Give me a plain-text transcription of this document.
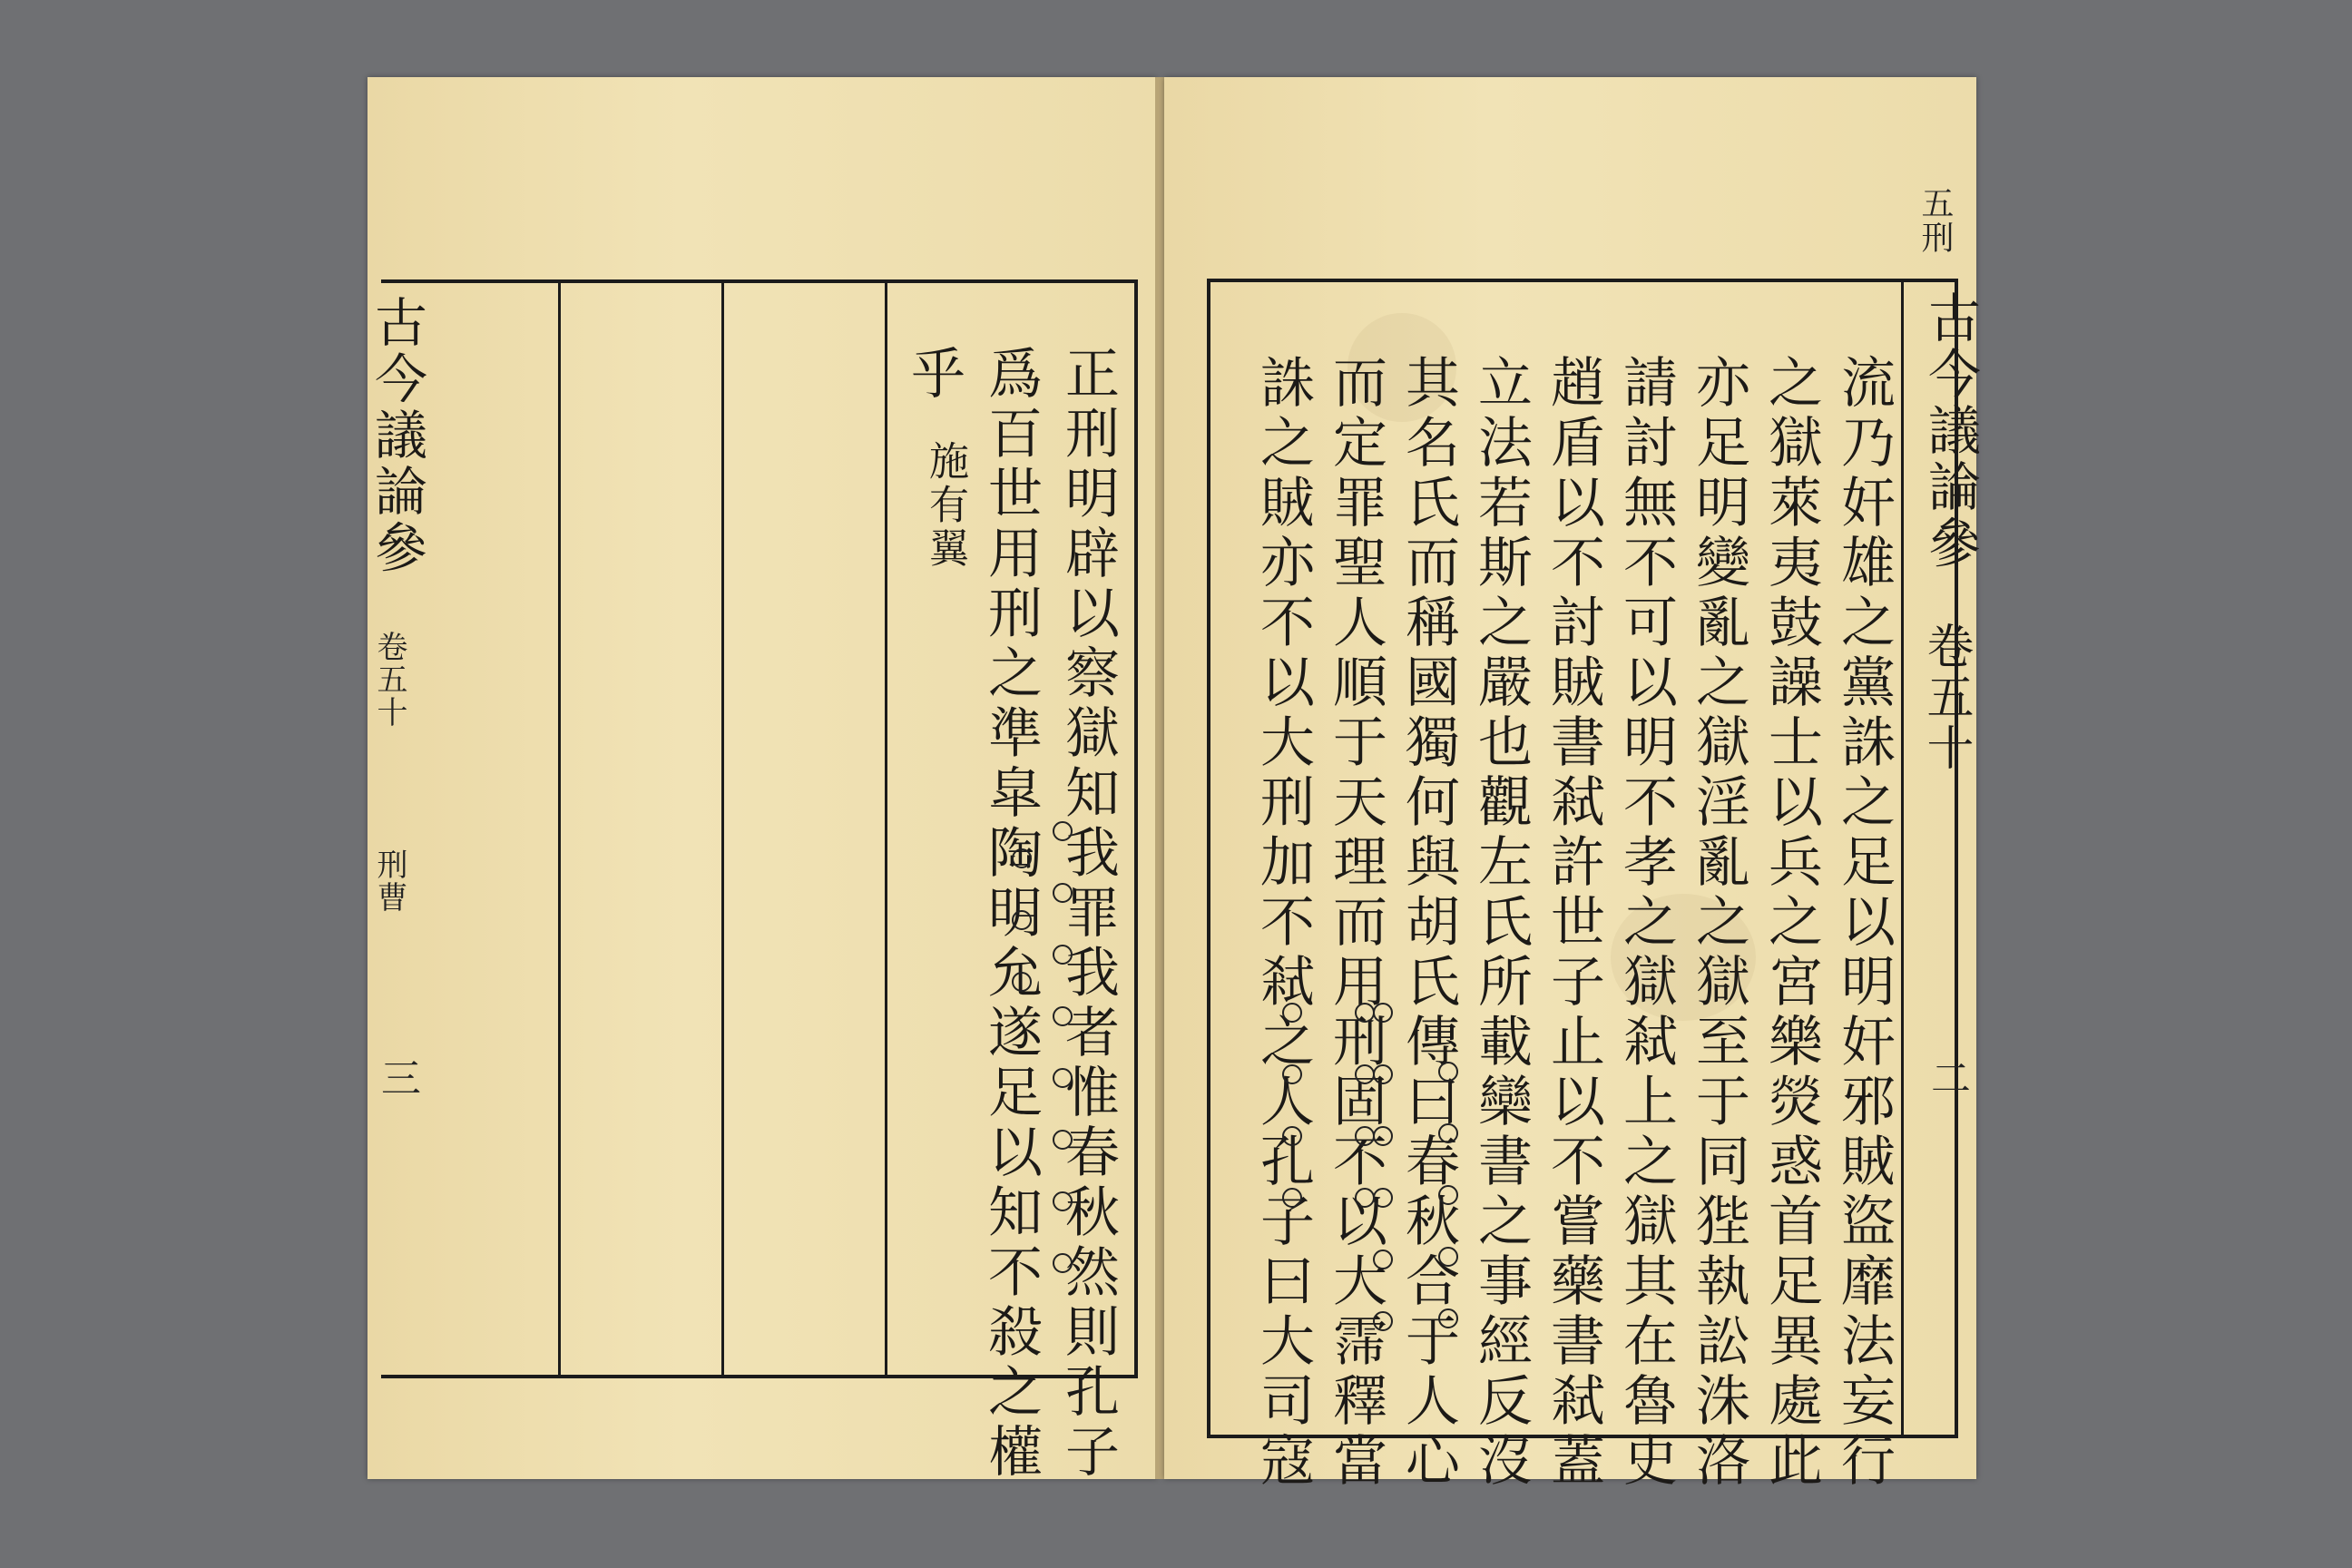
古今議論參
卷五十
刑曹
三	正刑明辟以察獄知我罪我者惟春秋然則孔子
爲百世用刑之準皐陶明允遂足以知不殺之權
乎
施有翼
五刑
古今議論參
卷五十
二
流乃奸雄之黨誅之足以明奸邪賊盜靡法妄行
之獄萊夷鼓譟士以兵之宮樂熒惑首足異處此
亦足明變亂之獄淫亂之獄至于同狴執訟洙洛
請討無不可以明不孝之獄弒上之獄其在魯史
趙盾以不討賊書弒許世子止以不嘗藥書弒蓋
立法若斯之嚴也觀左氏所載欒書之事經反沒
其名氏而稱國獨何與胡氏傳曰春秋合于人心
而定罪聖人順于天理而用刑固不以大霈釋當
誅之賊亦不以大刑加不弒之人孔子曰大司寇
